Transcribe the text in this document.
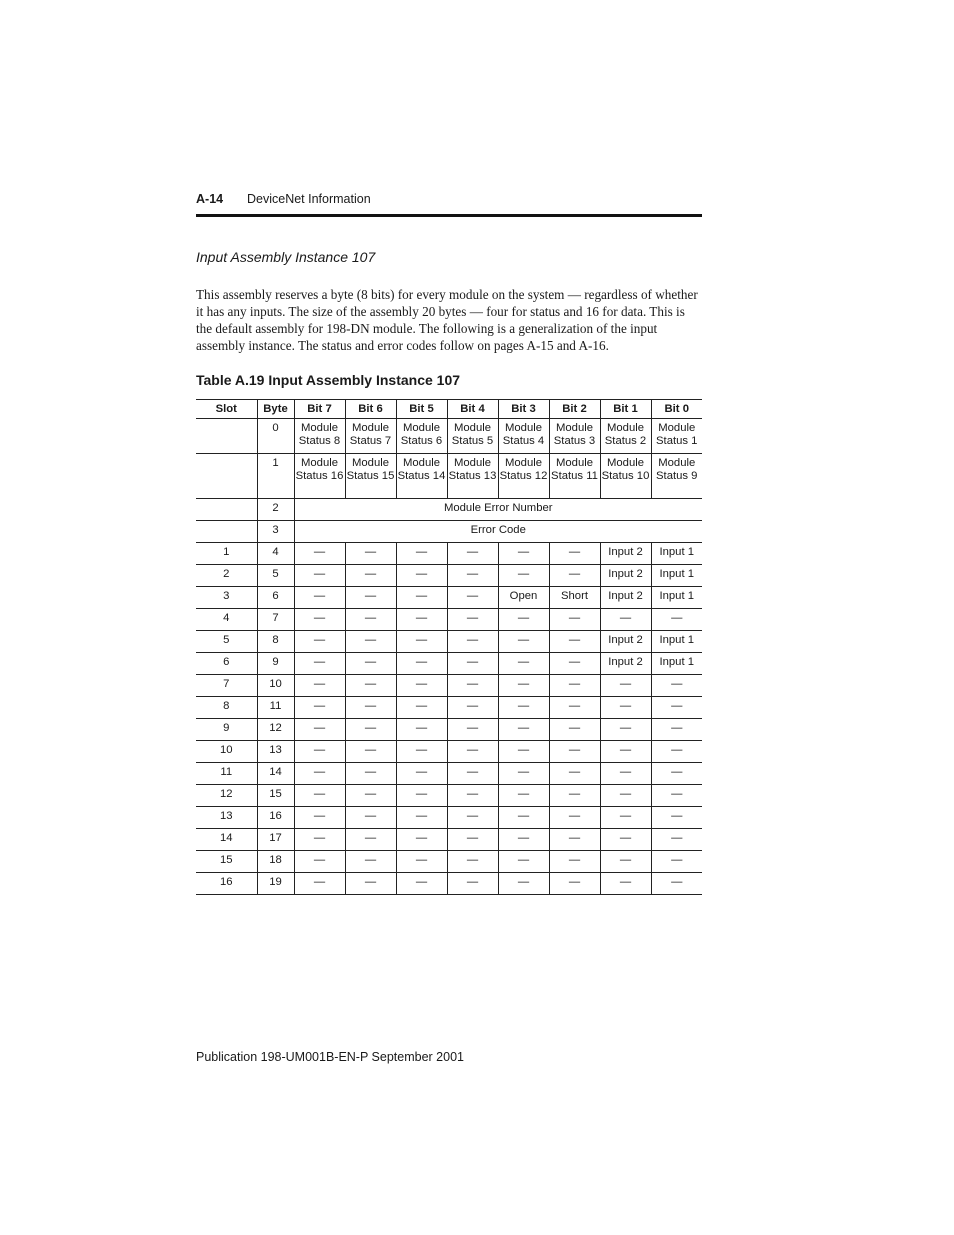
A-14 DeviceNet Information
Input Assembly Instance 107

This assembly reserves a byte (8 bits) for every module on the system — regardless of whether it has any inputs. The size of the assembly 20 bytes — four for status and 16 for data. This is the default assembly for 198-DN module. The following is a generalization of the input assembly instance. The status and error codes follow on pages A-15 and A-16.

Table A.19 Input Assembly Instance 107
Slot	Byte	Bit 7	Bit 6	Bit 5	Bit 4	Bit 3	Bit 2	Bit 1	Bit 0
	0	Module Status 8	Module Status 7	Module Status 6	Module Status 5	Module Status 4	Module Status 3	Module Status 2	Module Status 1
	1	Module Status 16	Module Status 15	Module Status 14	Module Status 13	Module Status 12	Module Status 11	Module Status 10	Module Status 9
	2	Module Error Number							
	3	Error Code							
1	4	—	—	—	—	—	—	Input 2	Input 1
2	5	—	—	—	—	—	—	Input 2	Input 1
3	6	—	—	—	—	Open	Short	Input 2	Input 1
4	7	—	—	—	—	—	—	—	—
5	8	—	—	—	—	—	—	Input 2	Input 1
6	9	—	—	—	—	—	—	Input 2	Input 1
7	10	—	—	—	—	—	—	—	—
8	11	—	—	—	—	—	—	—	—
9	12	—	—	—	—	—	—	—	—
10	13	—	—	—	—	—	—	—	—
11	14	—	—	—	—	—	—	—	—
12	15	—	—	—	—	—	—	—	—
13	16	—	—	—	—	—	—	—	—
14	17	—	—	—	—	—	—	—	—
15	18	—	—	—	—	—	—	—	—
16	19	—	—	—	—	—	—	—	—
Publication 198-UM001B-EN-P September 2001
